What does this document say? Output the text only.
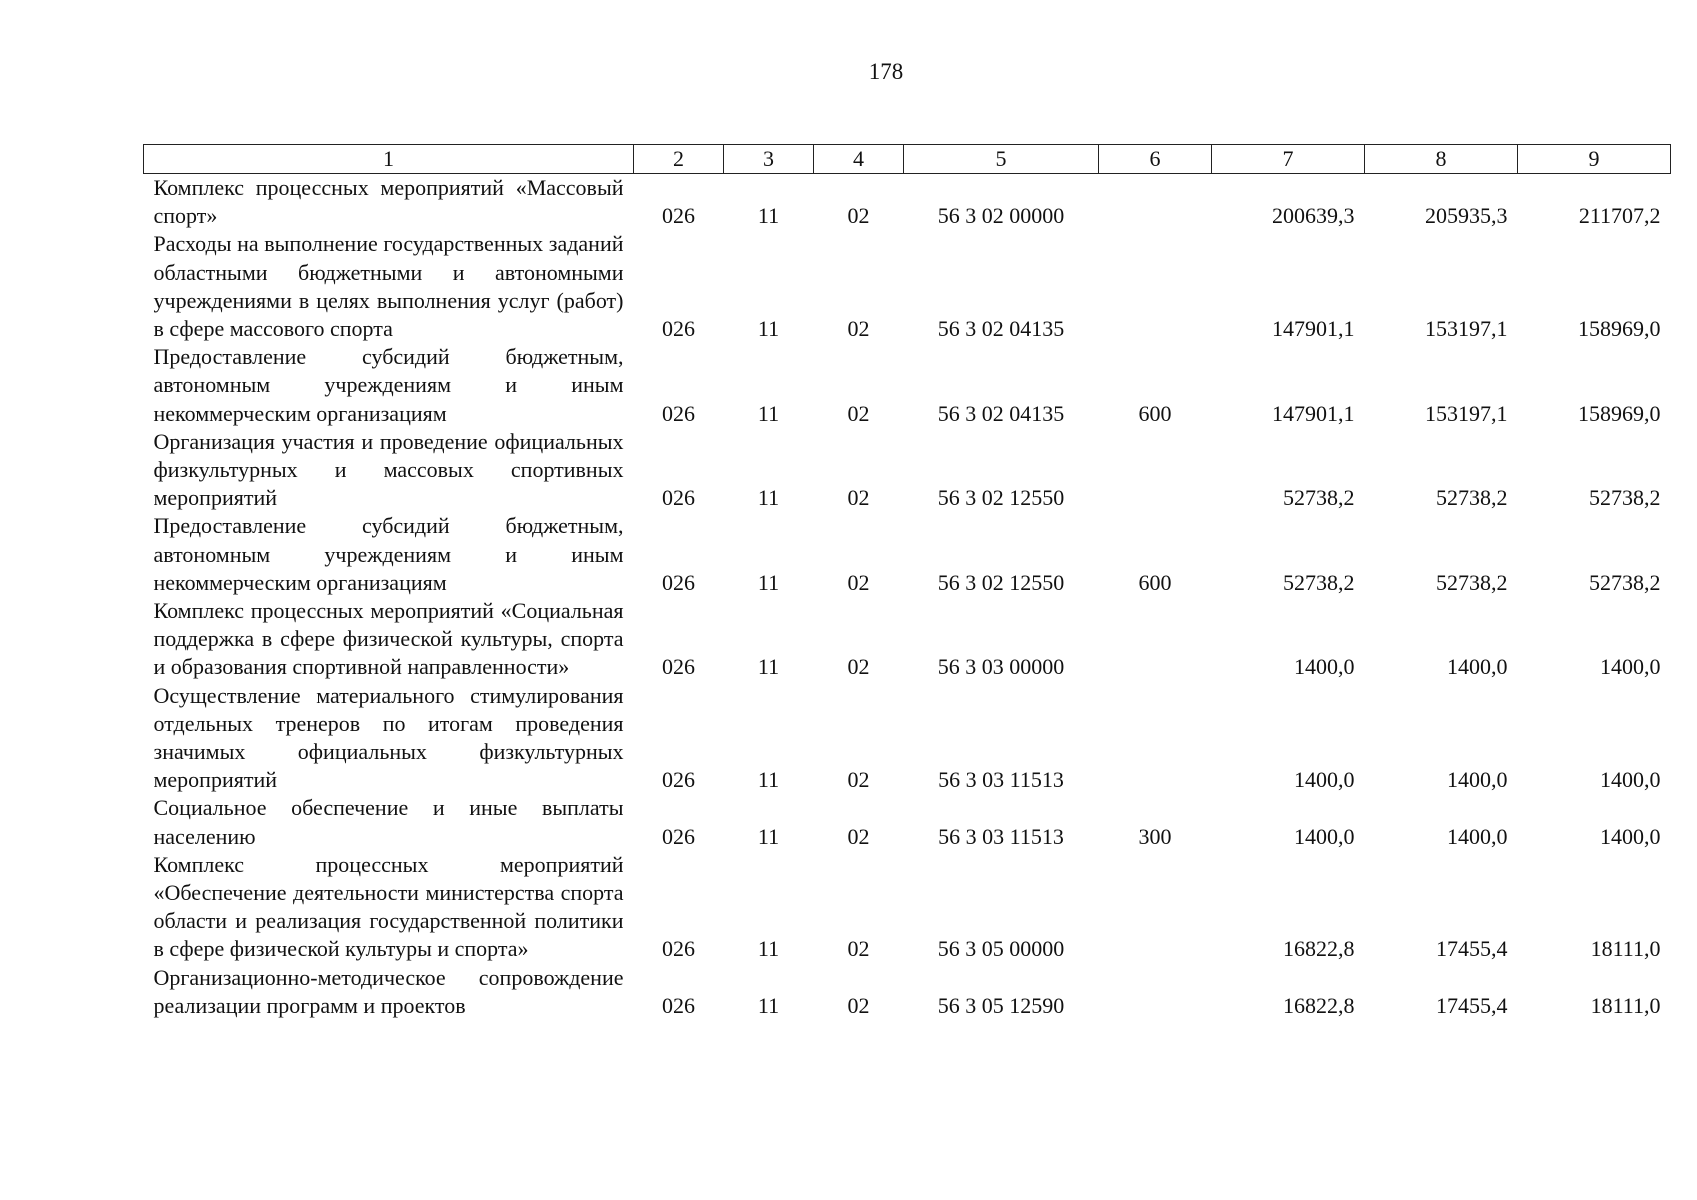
178
1	2	3	4	5	6	7	8	9
Комплекс процессных мероприятий «Массовый спорт»	026	11	02	56 3 02 00000		200639,3	205935,3	211707,2
Расходы на выполнение государственных заданий областными бюджетными и автономными учреждениями в целях выполнения услуг (работ) в сфере массового спорта	026	11	02	56 3 02 04135		147901,1	153197,1	158969,0
Предоставление субсидий бюджетным, автономным учреждениям и иным некоммерческим организациям	026	11	02	56 3 02 04135	600	147901,1	153197,1	158969,0
Организация участия и проведение официальных физкультурных и массовых спортивных мероприятий	026	11	02	56 3 02 12550		52738,2	52738,2	52738,2
Предоставление субсидий бюджетным, автономным учреждениям и иным некоммерческим организациям	026	11	02	56 3 02 12550	600	52738,2	52738,2	52738,2
Комплекс процессных мероприятий «Социальная поддержка в сфере физической культуры, спорта и образования спортивной направленности»	026	11	02	56 3 03 00000		1400,0	1400,0	1400,0
Осуществление материального стимулирования отдельных тренеров по итогам проведения значимых официальных физкультурных мероприятий	026	11	02	56 3 03 11513		1400,0	1400,0	1400,0
Социальное обеспечение и иные выплаты населению	026	11	02	56 3 03 11513	300	1400,0	1400,0	1400,0
Комплекс процессных мероприятий «Обеспечение деятельности министерства спорта области и реализация государственной политики в сфере физической культуры и спорта»	026	11	02	56 3 05 00000		16822,8	17455,4	18111,0
Организационно-методическое сопровождение реализации программ и проектов	026	11	02	56 3 05 12590		16822,8	17455,4	18111,0
